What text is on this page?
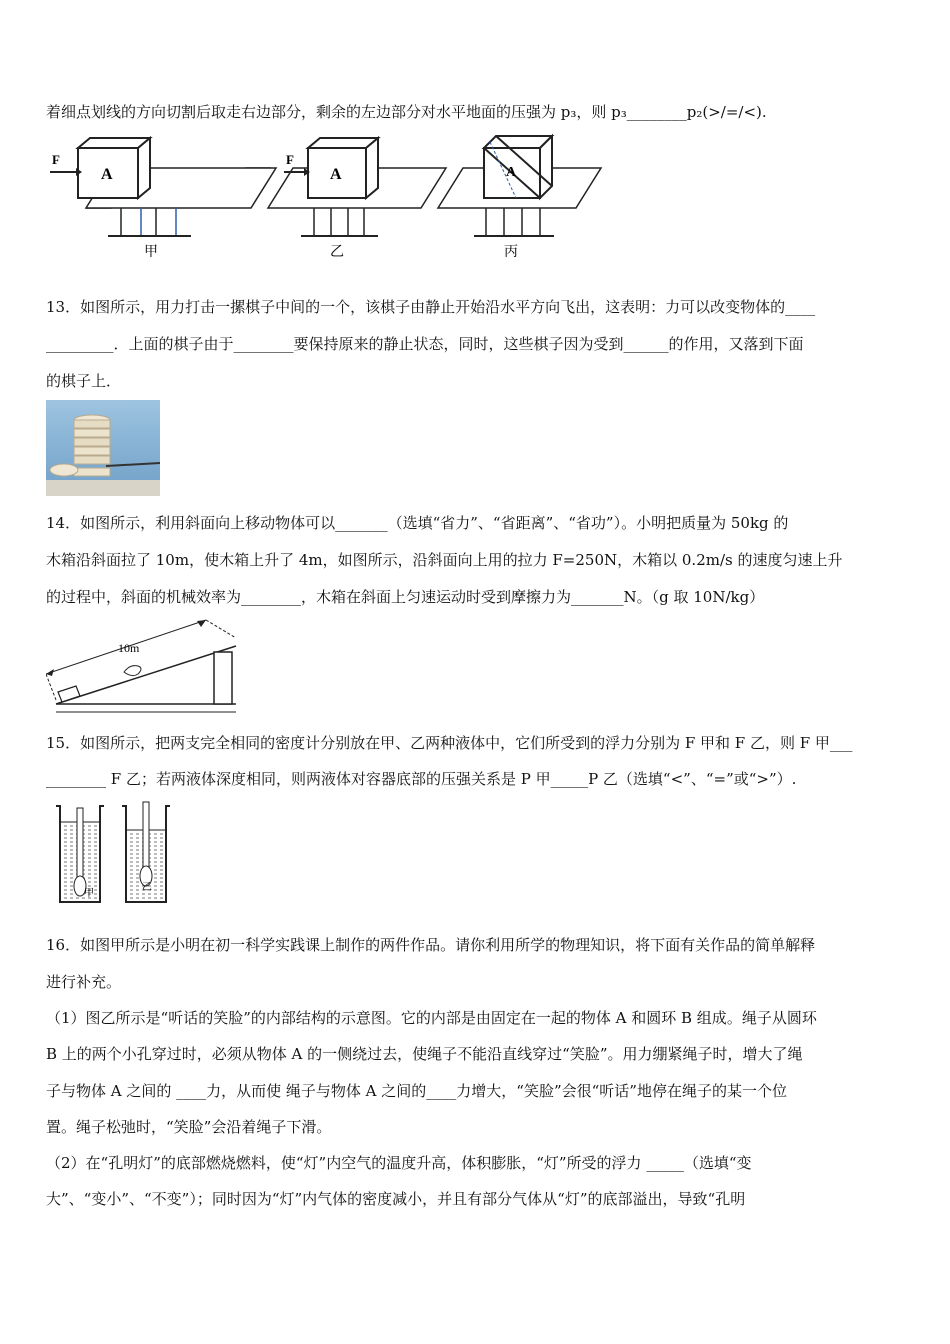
着细点划线的方向切割后取走右边部分，剩余的左边部分对水平地面的压强为 p₃，则 p₃________p₂(>/=/<).
A
F
甲
A
F
乙
A
丙
13．如图所示，用力打击一摞棋子中间的一个，该棋子由静止开始沿水平方向飞出，这表明：力可以改变物体的____
_________．上面的棋子由于________要保持原来的静止状态，同时，这些棋子因为受到______的作用，又落到下面
的棋子上．
14．如图所示，利用斜面向上移动物体可以_______（选填“省力”、“省距离”、“省功”）。小明把质量为 50kg 的
木箱沿斜面拉了 10m，使木箱上升了 4m，如图所示，沿斜面向上用的拉力 F=250N，木箱以 0.2m/s 的速度匀速上升
的过程中，斜面的机械效率为________，木箱在斜面上匀速运动时受到摩擦力为_______N。（g 取 10N/kg）
10m
15．如图所示，把两支完全相同的密度计分别放在甲、乙两种液体中，它们所受到的浮力分别为 F 甲和 F 乙，则 F 甲___
________ F 乙；若两液体深度相同，则两液体对容器底部的压强关系是 P 甲_____P 乙（选填“<”、“=”或“>”）.
甲
乙
16．如图甲所示是小明在初一科学实践课上制作的两件作品。请你利用所学的物理知识，将下面有关作品的简单解释
进行补充。
（1）图乙所示是“听话的笑脸”的内部结构的示意图。它的内部是由固定在一起的物体 A 和圆环 B 组成。绳子从圆环
B 上的两个小孔穿过时，必须从物体 A 的一侧绕过去，使绳子不能沿直线穿过“笑脸”。用力绷紧绳子时，增大了绳
子与物体 A 之间的 ____力，从而使 绳子与物体 A 之间的____力增大，“笑脸”会很“听话”地停在绳子的某一个位
置。绳子松弛时，“笑脸”会沿着绳子下滑。
（2）在“孔明灯”的底部燃烧燃料，使“灯”内空气的温度升高，体积膨胀，“灯”所受的浮力 _____（选填“变
大”、“变小”、“不变”）；同时因为“灯”内气体的密度减小，并且有部分气体从“灯”的底部溢出，导致“孔明
